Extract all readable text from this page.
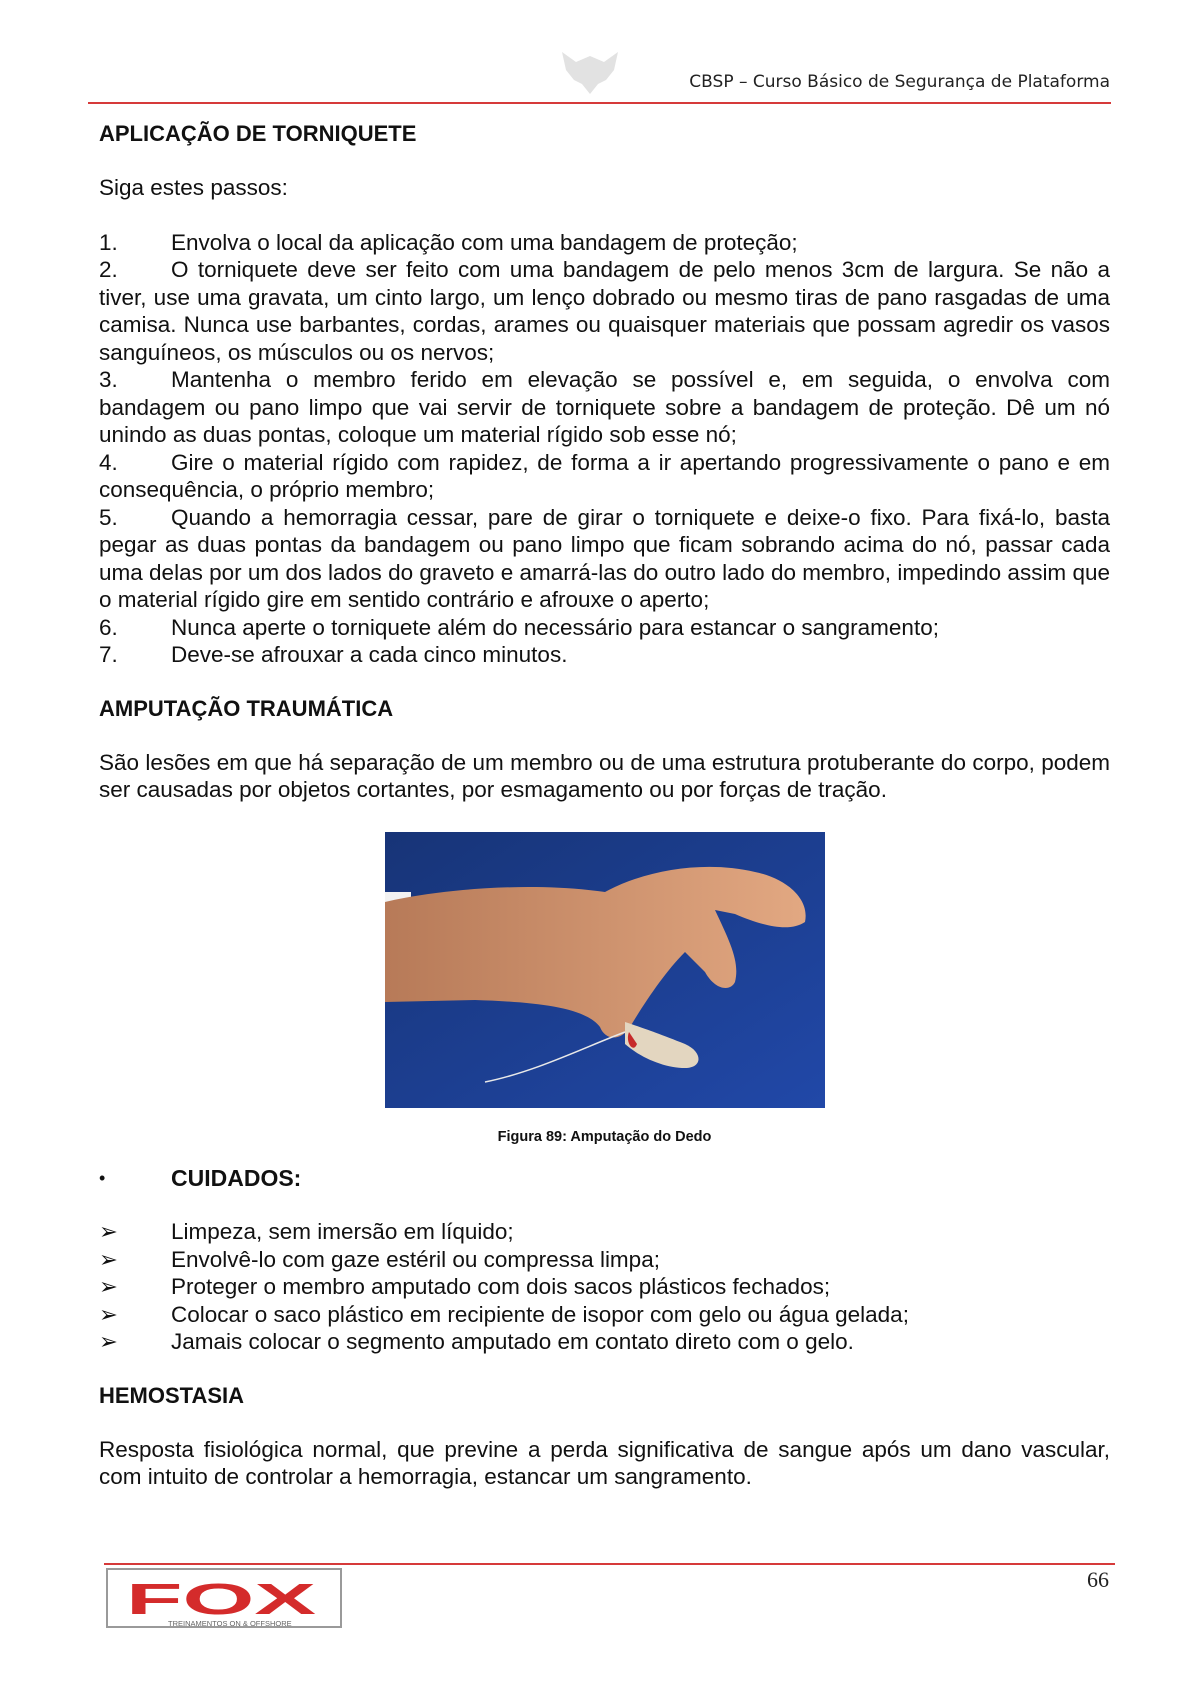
CBSP – Curso Básico de Segurança de Plataforma
APLICAÇÃO DE TORNIQUETE

Siga estes passos:

1. Envolva o local da aplicação com uma bandagem de proteção;
2. O torniquete deve ser feito com uma bandagem de pelo menos 3cm de largura. Se não a tiver, use uma gravata, um cinto largo, um lenço dobrado ou mesmo tiras de pano rasgadas de uma camisa. Nunca use barbantes, cordas, arames ou quaisquer materiais que possam agredir os vasos sanguíneos, os músculos ou os nervos;
3. Mantenha o membro ferido em elevação se possível e, em seguida, o envolva com bandagem ou pano limpo que vai servir de torniquete sobre a bandagem de proteção. Dê um nó unindo as duas pontas, coloque um material rígido sob esse nó;
4. Gire o material rígido com rapidez, de forma a ir apertando progressivamente o pano e em consequência, o próprio membro;
5. Quando a hemorragia cessar, pare de girar o torniquete e deixe-o fixo. Para fixá-lo, basta pegar as duas pontas da bandagem ou pano limpo que ficam sobrando acima do nó, passar cada uma delas por um dos lados do graveto e amarrá-las do outro lado do membro, impedindo assim que o material rígido gire em sentido contrário e afrouxe o aperto;
6. Nunca aperte o torniquete além do necessário para estancar o sangramento;
7. Deve-se afrouxar a cada cinco minutos.
AMPUTAÇÃO TRAUMÁTICA

São lesões em que há separação de um membro ou de uma estrutura protuberante do corpo, podem ser causadas por objetos cortantes, por esmagamento ou por forças de tração.

Figura 89: Amputação do Dedo
•	CUIDADOS:
➢	Limpeza, sem imersão em líquido;
➢	Envolvê-lo com gaze estéril ou compressa limpa;
➢	Proteger o membro amputado com dois sacos plásticos fechados;
➢	Colocar o saco plástico em recipiente de isopor com gelo ou água gelada;
➢	Jamais colocar o segmento amputado em contato direto com o gelo.
HEMOSTASIA

Resposta fisiológica normal, que previne a perda significativa de sangue após um dano vascular, com intuito de controlar a hemorragia, estancar um sangramento.

66
FOX
TREINAMENTOS ON & OFFSHORE
